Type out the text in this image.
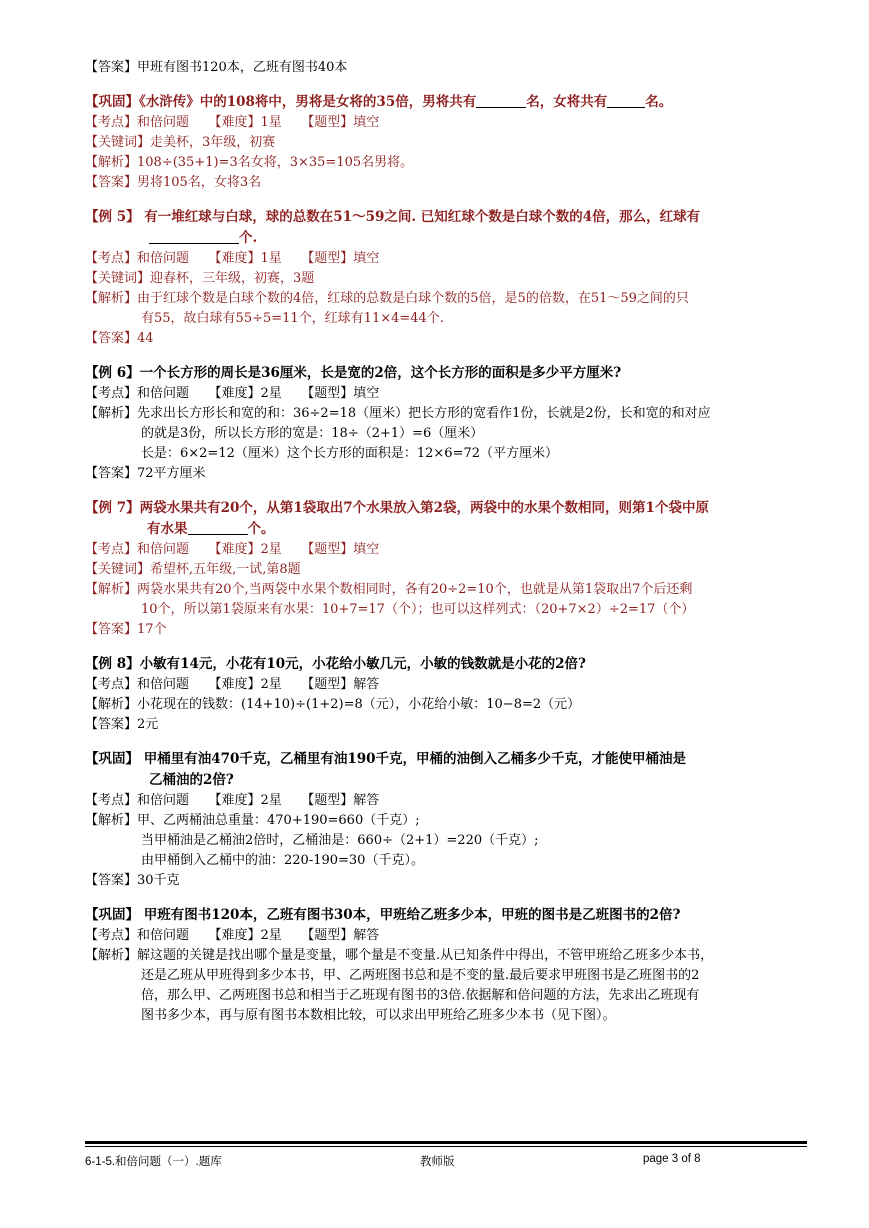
【答案】甲班有图书120本，乙班有图书40本
【巩固】《水浒传》中的108将中，男将是女将的35倍，男将共有	名，女将共有	名。
【考点】和倍问题　　【难度】1星　　【题型】填空
【关键词】走美杯，3年级，初赛
【解析】108÷(35+1)=3名女将，3×35=105名男将。
【答案】男将105名，女将3名
【例 5】 有一堆红球与白球，球的总数在51～59之间. 已知红球个数是白球个数的4倍，那么，红球有
个.
【考点】和倍问题　　【难度】1星　　【题型】填空
【关键词】迎春杯，三年级，初赛，3题
【解析】由于红球个数是白球个数的4倍，红球的总数是白球个数的5倍，是5的倍数，在51～59之间的只
有55，故白球有55÷5=11个，红球有11×4=44个.
【答案】44
【例 6】一个长方形的周长是36厘米，长是宽的2倍，这个长方形的面积是多少平方厘米?
【考点】和倍问题　　【难度】2星　　【题型】填空
【解析】先求出长方形长和宽的和：36÷2=18（厘米）把长方形的宽看作1份，长就是2份，长和宽的和对应
的就是3份，所以长方形的宽是：18÷（2+1）=6（厘米）
长是：6×2=12（厘米）这个长方形的面积是：12×6=72（平方厘米）
【答案】72平方厘米
【例 7】两袋水果共有20个，从第1袋取出7个水果放入第2袋，两袋中的水果个数相同，则第1个袋中原
有水果	个。
【考点】和倍问题　　【难度】2星　　【题型】填空
【关键词】希望杯,五年级,一试,第8题
【解析】两袋水果共有20个,当两袋中水果个数相同时，各有20÷2=10个，也就是从第1袋取出7个后还剩
10个，所以第1袋原来有水果：10+7=17（个）；也可以这样列式：（20+7×2）÷2=17（个）
【答案】17个
【例 8】小敏有14元，小花有10元，小花给小敏几元，小敏的钱数就是小花的2倍?
【考点】和倍问题　　【难度】2星　　【题型】解答
【解析】小花现在的钱数：(14+10)÷(1+2)=8（元），小花给小敏：10−8=2（元）
【答案】2元
【巩固】 甲桶里有油470千克，乙桶里有油190千克，甲桶的油倒入乙桶多少千克，才能使甲桶油是
乙桶油的2倍?
【考点】和倍问题　　【难度】2星　　【题型】解答
【解析】甲、乙两桶油总重量：470+190=660（千克）;
当甲桶油是乙桶油2倍时，乙桶油是：660÷（2+1）=220（千克）;
由甲桶倒入乙桶中的油：220-190=30（千克）。
【答案】30千克
【巩固】 甲班有图书120本，乙班有图书30本，甲班给乙班多少本，甲班的图书是乙班图书的2倍?
【考点】和倍问题　　【难度】2星　　【题型】解答
【解析】解这题的关键是找出哪个量是变量，哪个量是不变量.从已知条件中得出，不管甲班给乙班多少本书，
还是乙班从甲班得到多少本书，甲、乙两班图书总和是不变的量.最后要求甲班图书是乙班图书的2
倍，那么甲、乙两班图书总和相当于乙班现有图书的3倍.依据解和倍问题的方法，先求出乙班现有
图书多少本，再与原有图书本数相比较，可以求出甲班给乙班多少本书（见下图）。
6-1-5.和倍问题（一）.题库	教师版	page 3 of 8
